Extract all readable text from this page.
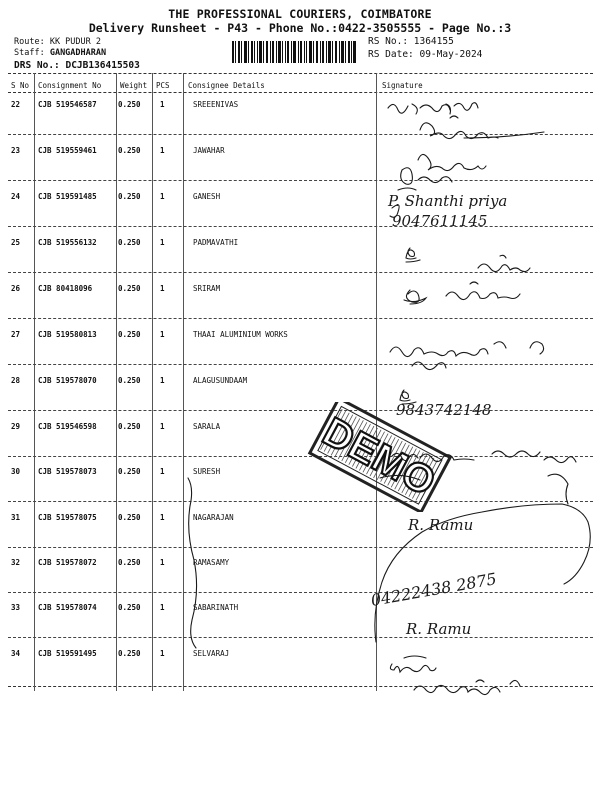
THE PROFESSIONAL COURIERS, COIMBATORE
Delivery Runsheet - P43 - Phone No.:0422-3505555 - Page No.:3
Route: KK PUDUR 2
Staff: GANGADHARAN
DRS No.: DCJB136415503
RS No.: 1364155
RS Date: 09-May-2024
S No Consignment No	Weight PCS Consignee Details	Signature
22 CJB 519546587	0.250	1	SREEENIVAS
23 CJB 519559461	0.250	1	JAWAHAR
24 CJB 519591485	0.250	1	GANESH
25 CJB 519556132	0.250	1	PADMAVATHI
26 CJB 80418096	0.250	1	SRIRAM
27 CJB 519580813	0.250	1	THAAI ALUMINIUM WORKS
28 CJB 519578070	0.250	1	ALAGUSUNDAAM
29 CJB 519546598	0.250	1	SARALA
30 CJB 519578073	0.250	1	SURESH
31 CJB 519578075	0.250	1	NAGARAJAN
32 CJB 519578072	0.250	1	RAMASAMY
33 CJB 519578074	0.250	1	SABARINATH
34 CJB 519591495	0.250	1	SELVARAJ
DEMO
P. Shanthi priya
9047611145
9843742148
R. Ramu
04222438 2875
R. Ramu
